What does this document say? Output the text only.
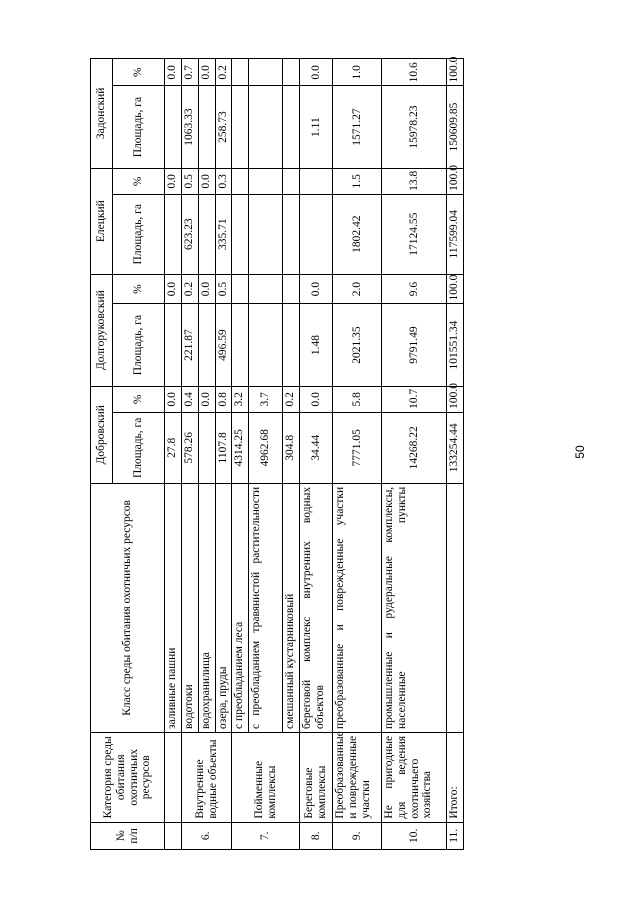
50
№ п/п	Категория среды обитания охотничьих ресурсов	Класс среды обитания охотничьих ресурсов	Добровский		Долгоруковский		Елецкий		Задонский	
			Площадь, га	%	Площадь, га	%	Площадь, га	%	Площадь, га	%
		заливные пашни	27.8	0.0		0.0		0.0		0.0
6.	Внутренние водные объекты	водотоки	578.26	0.4	221.87	0.2	623.23	0.5	1063.33	0.7
		водохранилища		0.0		0.0		0.0		0.0
		озера, пруды	1107.8	0.8	496.59	0.5	335.71	0.3	258.73	0.2
7.	Пойменные комплексы	с преобладанием леса	4314.25	3.2						
		с преобладанием травянистой растительности	4962.68	3.7						
		смешанный кустарниковый	304.8	0.2						
8.	Береговые комплексы	береговой комплекс внутренних водных объектов	34.44	0.0	1.48	0.0			1.11	0.0
9.	Преобразованные и поврежденные участки	преобразованные и поврежденные участки	7771.05	5.8	2021.35	2.0	1802.42	1.5	1571.27	1.0
10.	Не пригодные для ведения охотничьего хозяйства	промышленные и рудеральные комплексы, населенные пункты	14268.22	10.7	9791.49	9.6	17124.55	13.8	15978.23	10.6
11.	Итого:		133254.44	100.0	101551.34	100.0	117599.04	100.0	150609.85	100.0
